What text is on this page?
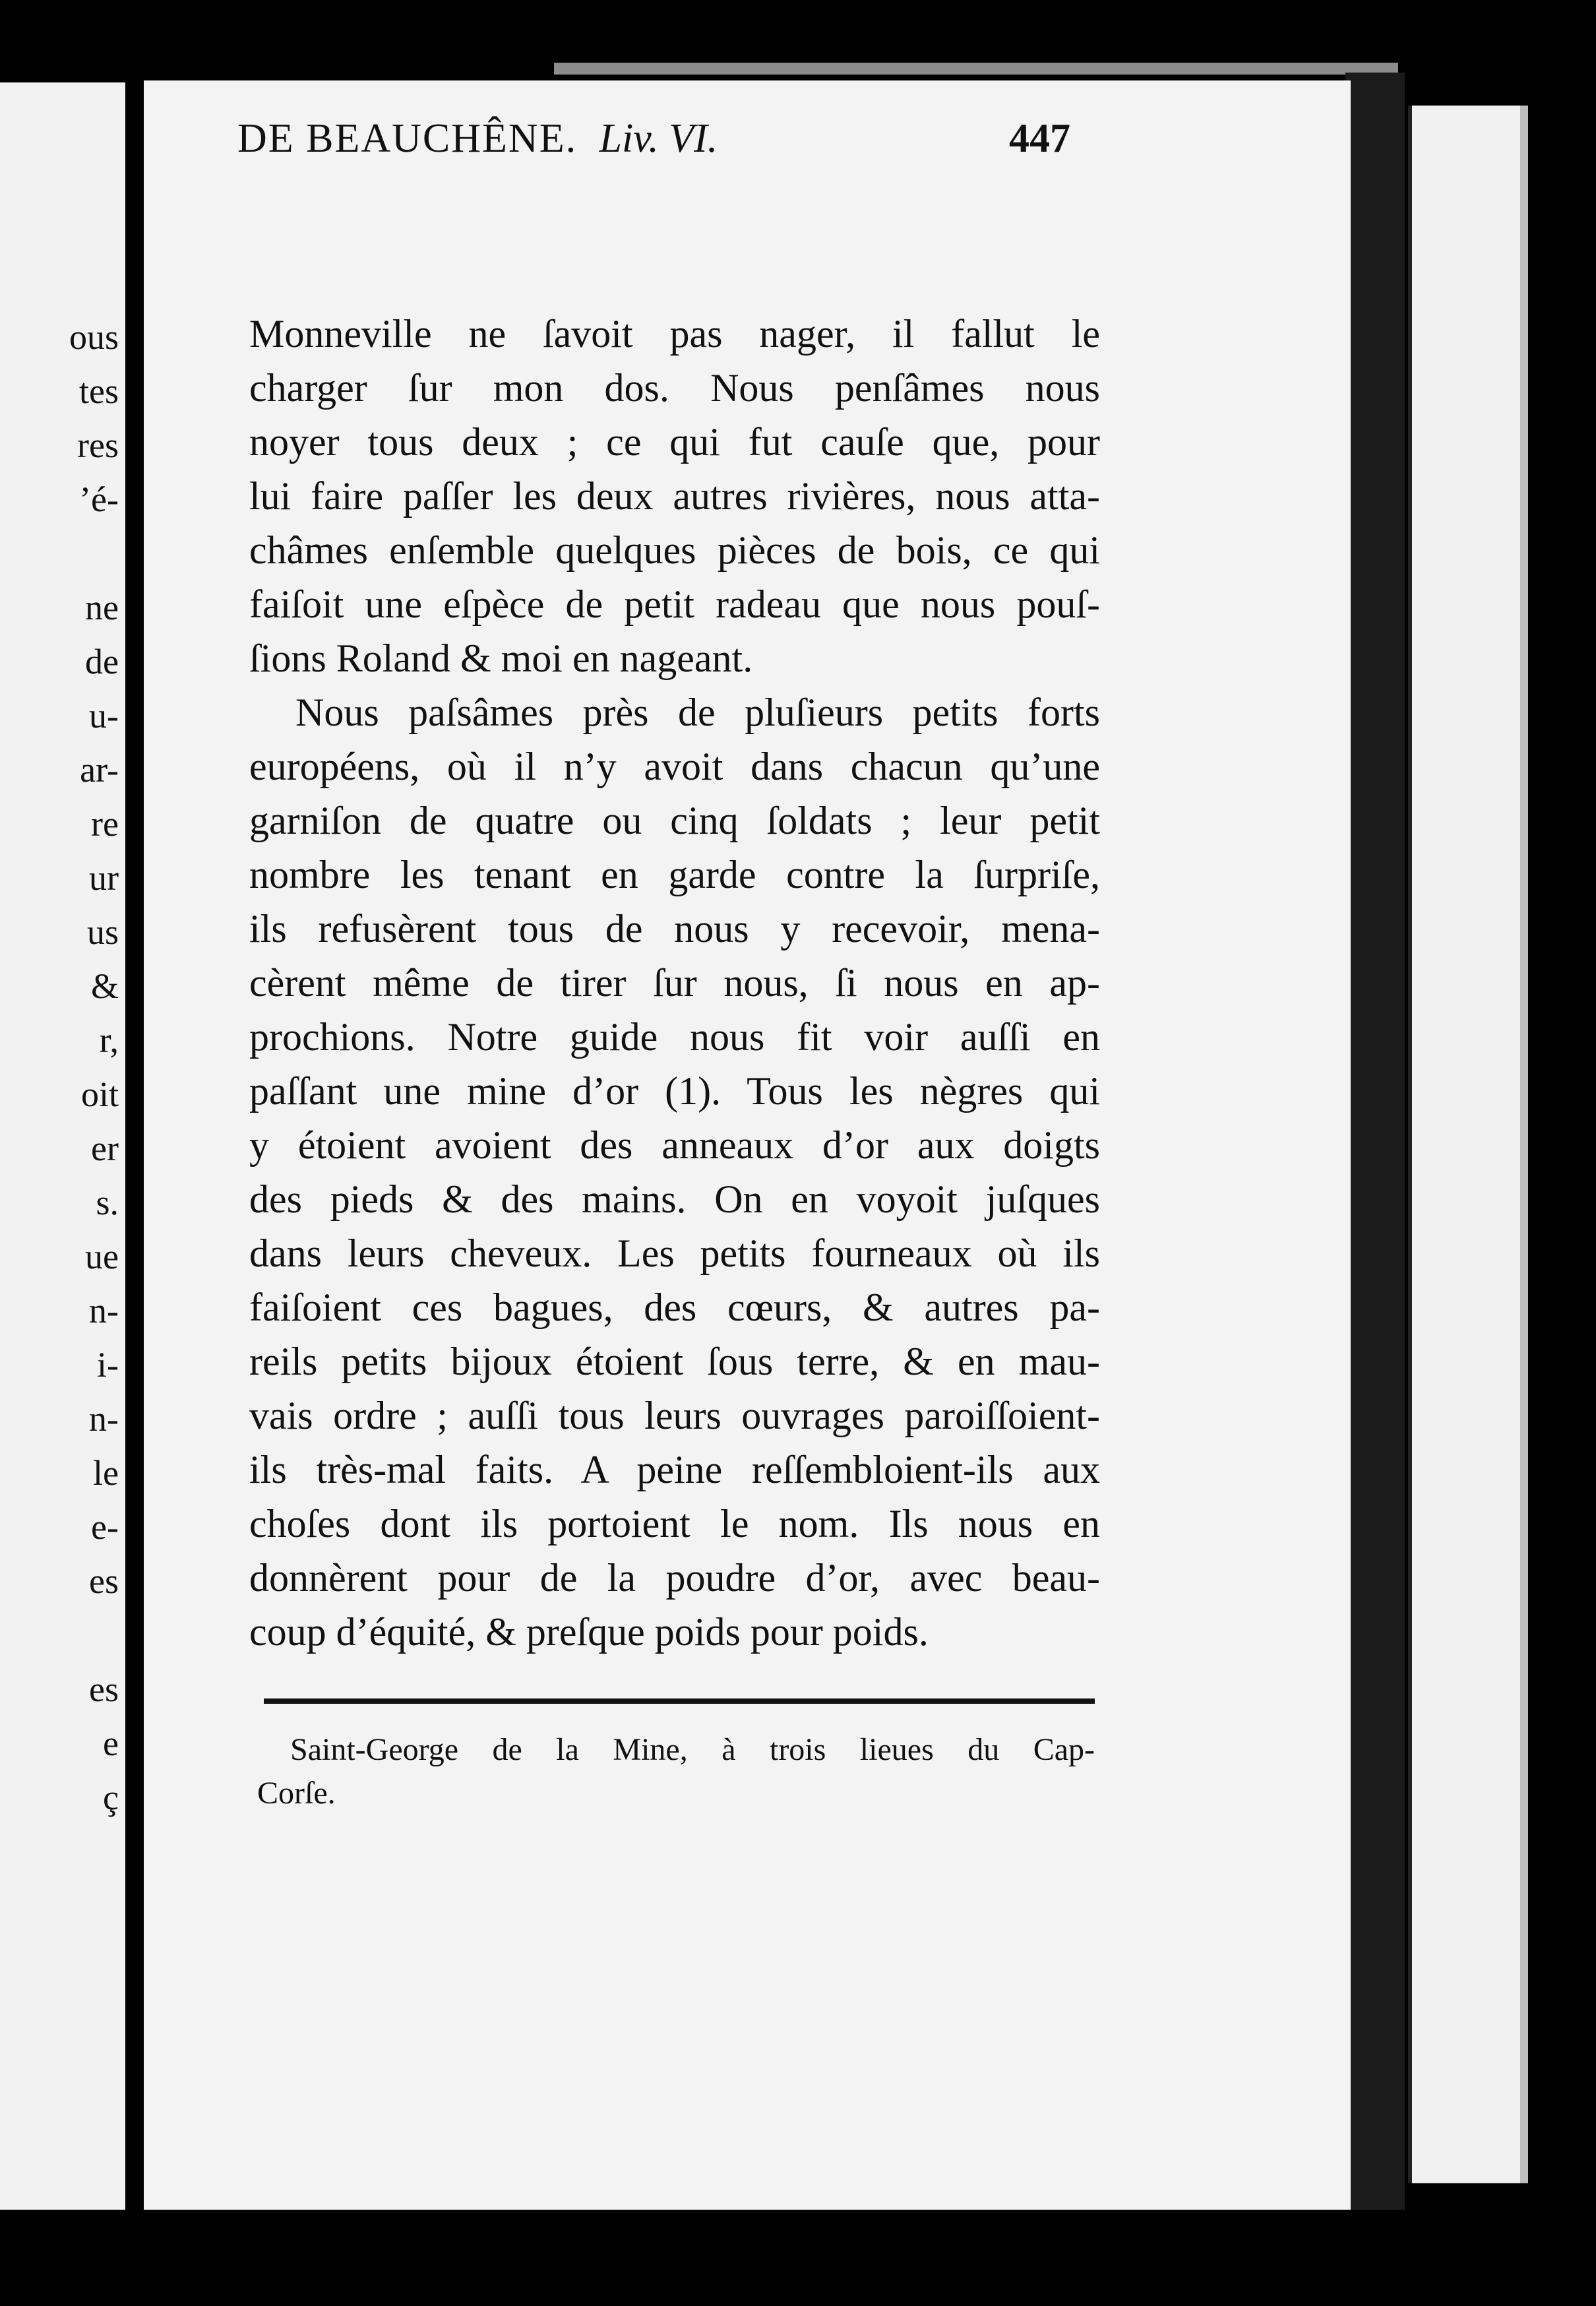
ous
tes
res
’é-
ne
de
u-
ar-
re
ur
us
&
r,
oit
er
s.
ue
n-
i-
n-
le
e-
es
es
e
ç
DE BEAUCHÊNE. Liv. VI.	447
Monneville ne ſavoit pas nager, il fallut le
charger ſur mon dos. Nous penſâmes nous
noyer tous deux ; ce qui fut cauſe que, pour
lui faire paſſer les deux autres rivières, nous atta-
châmes enſemble quelques pièces de bois, ce qui
faiſoit une eſpèce de petit radeau que nous pouſ-
ſions Roland & moi en nageant.
Nous paſsâmes près de pluſieurs petits forts
européens, où il n’y avoit dans chacun qu’une
garniſon de quatre ou cinq ſoldats ; leur petit
nombre les tenant en garde contre la ſurpriſe,
ils refusèrent tous de nous y recevoir, mena-
cèrent même de tirer ſur nous, ſi nous en ap-
prochions. Notre guide nous fit voir auſſi en
paſſant une mine d’or (1). Tous les nègres qui
y étoient avoient des anneaux d’or aux doigts
des pieds & des mains. On en voyoit juſques
dans leurs cheveux. Les petits fourneaux où ils
faiſoient ces bagues, des cœurs, & autres pa-
reils petits bijoux étoient ſous terre, & en mau-
vais ordre ; auſſi tous leurs ouvrages paroiſſoient-
ils très-mal faits. A peine reſſembloient-ils aux
choſes dont ils portoient le nom. Ils nous en
donnèrent pour de la poudre d’or, avec beau-
coup d’équité, & preſque poids pour poids.
Saint-George de la Mine, à trois lieues du Cap-
Corſe.
